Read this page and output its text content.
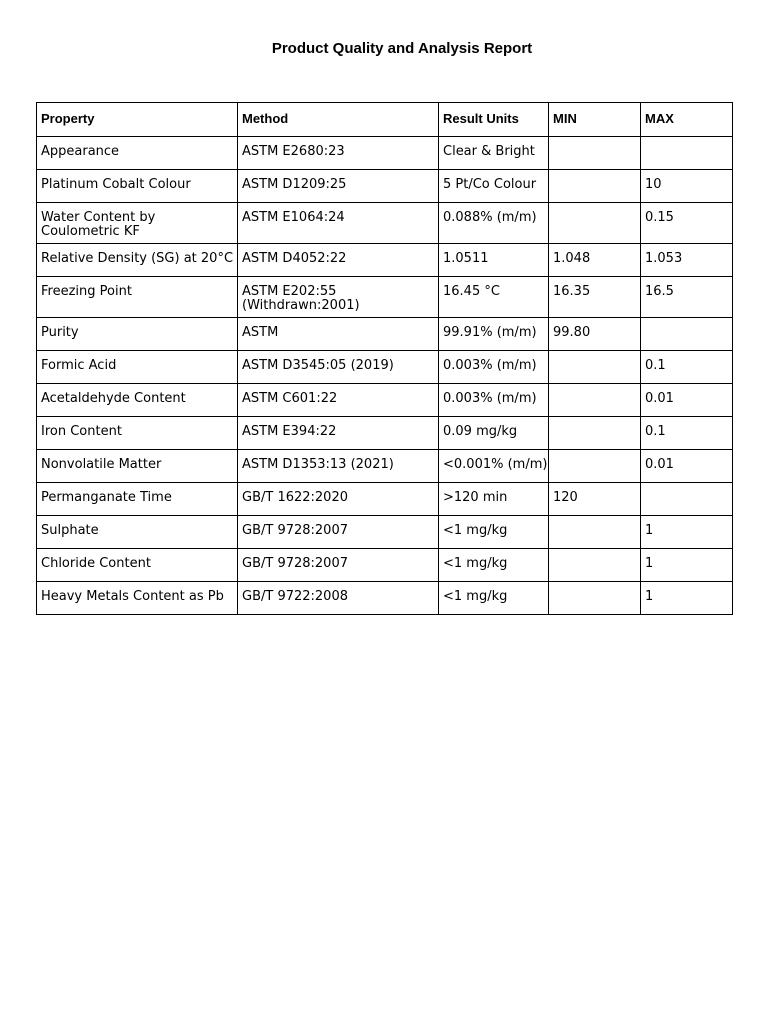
Product Quality and Analysis Report
Property	Method	Result Units	MIN	MAX
Appearance	ASTM E2680:23	Clear & Bright		
Platinum Cobalt Colour	ASTM D1209:25	5 Pt/Co Colour		10
Water Content by Coulometric KF	ASTM E1064:24	0.088% (m/m)		0.15
Relative Density (SG) at 20°C	ASTM D4052:22	1.0511	1.048	1.053
Freezing Point	ASTM E202:55 (Withdrawn:2001)	16.45 °C	16.35	16.5
Purity	ASTM	99.91% (m/m)	99.80	
Formic Acid	ASTM D3545:05 (2019)	0.003% (m/m)		0.1
Acetaldehyde Content	ASTM C601:22	0.003% (m/m)		0.01
Iron Content	ASTM E394:22	0.09 mg/kg		0.1
Nonvolatile Matter	ASTM D1353:13 (2021)	<0.001% (m/m)		0.01
Permanganate Time	GB/T 1622:2020	>120 min	120	
Sulphate	GB/T 9728:2007	<1 mg/kg		1
Chloride Content	GB/T 9728:2007	<1 mg/kg		1
Heavy Metals Content as Pb	GB/T 9722:2008	<1 mg/kg		1
